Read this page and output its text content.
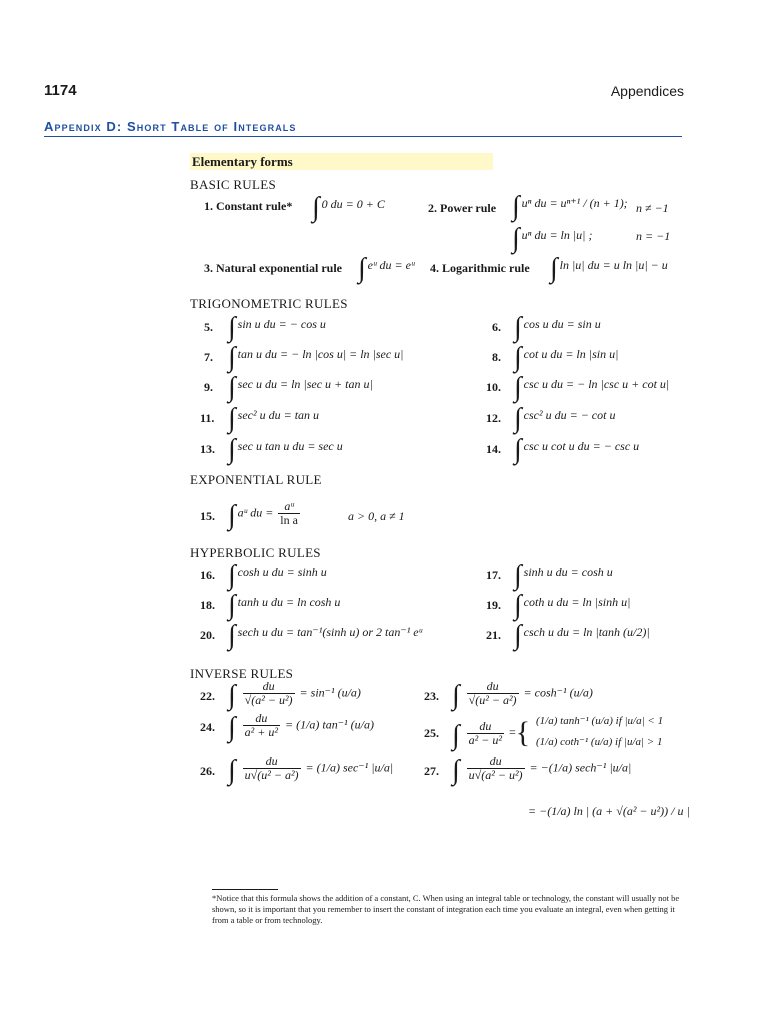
1174	Appendices
Appendix D: Short Table of Integrals
Elementary forms
BASIC RULES
1. Constant rule* ∫ 0 du = 0 + C	2. Power rule ∫ uⁿ du = uⁿ⁺¹ / (n + 1); n ≠ −1
∫ uⁿ du = ln |u| ;	n = −1
3. Natural exponential rule ∫ eᵘ du = eᵘ 4. Logarithmic rule ∫ ln |u| du = u ln |u| − u
TRIGONOMETRIC RULES
5. ∫ sin u du = − cos u	6. ∫ cos u du = sin u
7. ∫ tan u du = − ln |cos u| = ln |sec u|	8. ∫ cot u du = ln |sin u|
9. ∫ sec u du = ln |sec u + tan u|	10. ∫ csc u du = − ln |csc u + cot u|
11. ∫ sec² u du = tan u	12. ∫ csc² u du = − cot u
13. ∫ sec u tan u du = sec u	14. ∫ csc u cot u du = − csc u
EXPONENTIAL RULE
15. ∫ aᵘ du = $\frac{\text{aᵘ}}{\text{ln a}}$	a > 0, a ≠ 1
HYPERBOLIC RULES
16. ∫ cosh u du = sinh u	17. ∫ sinh u du = cosh u
18. ∫ tanh u du = ln cosh u	19. ∫ coth u du = ln |sinh u|
20. ∫ sech u du = tan⁻¹(sinh u) or 2 tan⁻¹ eᵘ	21. ∫ csch u du = ln |tanh (u/2)|
INVERSE RULES
22. ∫ $\frac{du}{\text{√(a² − u²)}} = \sin^{-1}$ (u/a)	23. ∫ $\frac{du}{\text{√(u² − a²)}} = \cosh^{-1}$ (u/a)
24. ∫ $\frac{du}{\text{a² + u²}} = (1/a)$ tan⁻¹ (u/a)
25. ∫ $\frac{du}{\text{a² − u²}}$ ={ (1/a) tanh⁻¹ (u/a) if |u/a| < 1
(1/a) coth⁻¹ (u/a) if |u/a| > 1
26. ∫ $\frac{du}{\text{u√(u² − a²)}} = (1/a)$ sec⁻¹ |u/a|	27. ∫ $\frac{du}{\text{u√(a² − u²)}} = -(1/a)$ sech⁻¹ |u/a|
= −(1/a) ln | (a + √(a² − u²)) / u |
*Notice that this formula shows the addition of a constant, C. When using an integral table or technology, the constant will usually not be shown, so it is important that you remember to insert the constant of integration each time you evaluate an integral, even when getting it from a table or from technology.
